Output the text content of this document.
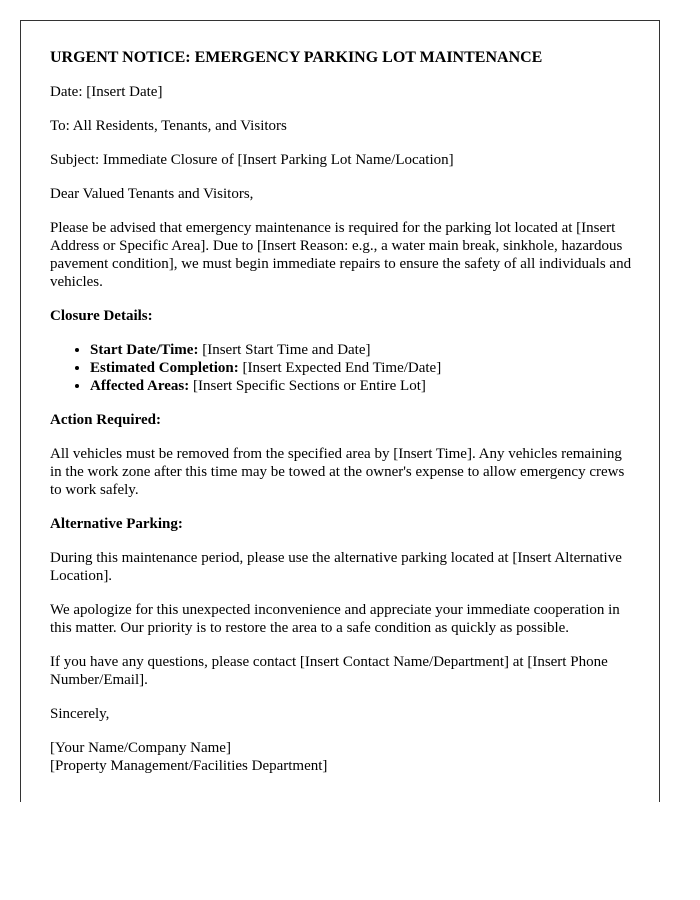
URGENT NOTICE: EMERGENCY PARKING LOT MAINTENANCE

Date: [Insert Date]

To: All Residents, Tenants, and Visitors

Subject: Immediate Closure of [Insert Parking Lot Name/Location]

Dear Valued Tenants and Visitors,

Please be advised that emergency maintenance is required for the parking lot located at [Insert Address or Specific Area]. Due to [Insert Reason: e.g., a water main break, sinkhole, hazardous pavement condition], we must begin immediate repairs to ensure the safety of all individuals and vehicles.

Closure Details:

• Start Date/Time: [Insert Start Time and Date]
• Estimated Completion: [Insert Expected End Time/Date]
• Affected Areas: [Insert Specific Sections or Entire Lot]

Action Required:

All vehicles must be removed from the specified area by [Insert Time]. Any vehicles remaining in the work zone after this time may be towed at the owner's expense to allow emergency crews to work safely.

Alternative Parking:

During this maintenance period, please use the alternative parking located at [Insert Alternative Location].

We apologize for this unexpected inconvenience and appreciate your immediate cooperation in this matter. Our priority is to restore the area to a safe condition as quickly as possible.

If you have any questions, please contact [Insert Contact Name/Department] at [Insert Phone Number/Email].

Sincerely,

[Your Name/Company Name]

[Property Management/Facilities Department]
